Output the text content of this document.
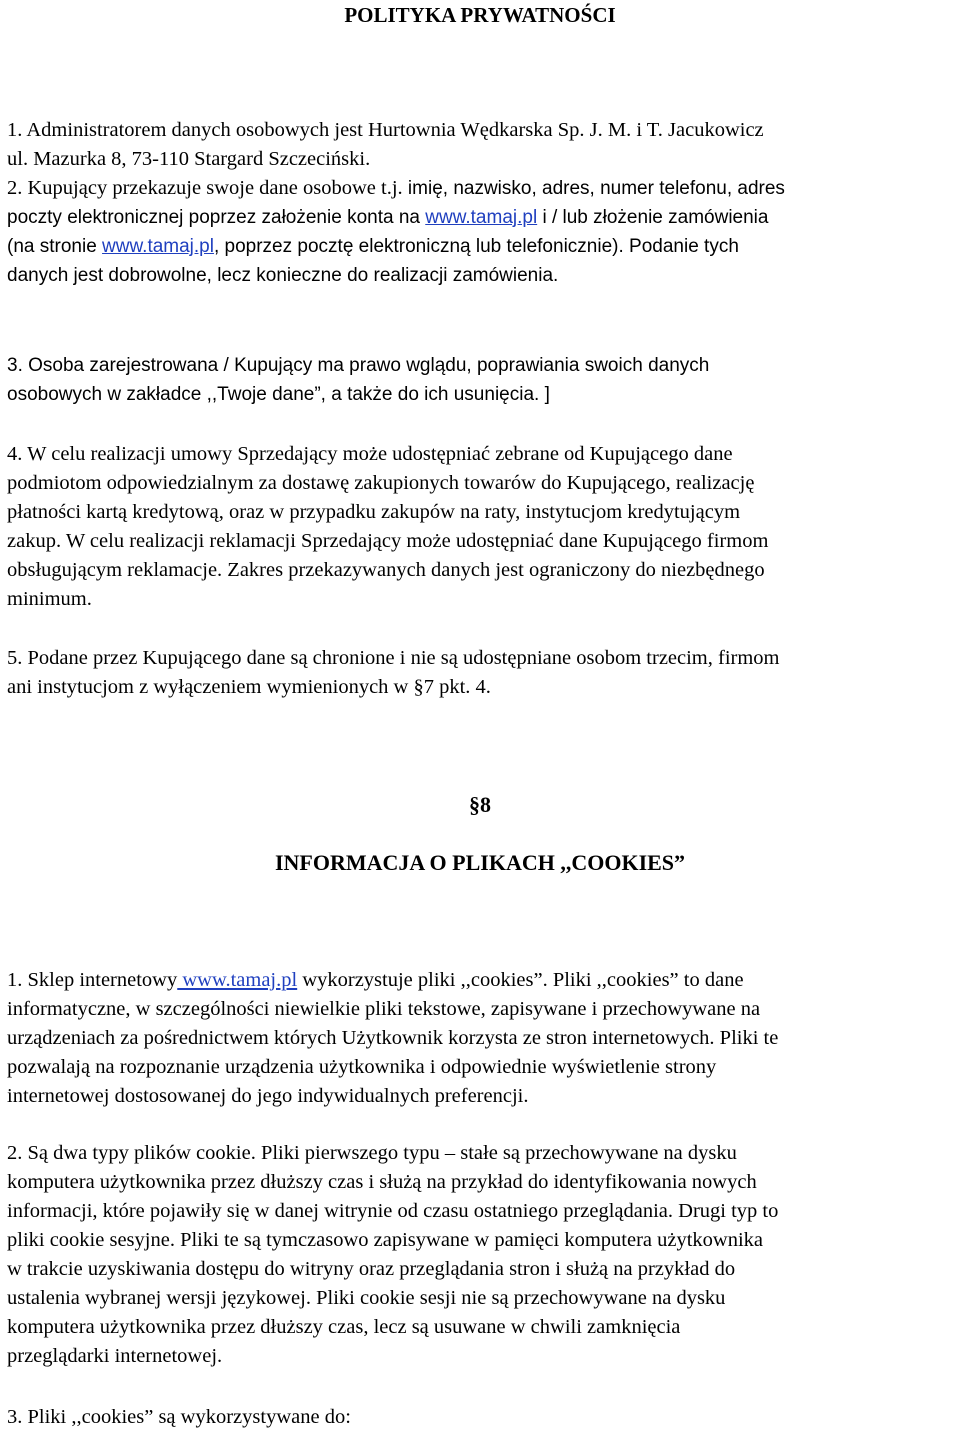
POLITYKA PRYWATNOŚCI
1. Administratorem danych osobowych jest Hurtownia Wędkarska Sp. J. M. i T. Jacukowicz
ul. Mazurka 8, 73-110 Stargard Szczeciński.
2. Kupujący przekazuje swoje dane osobowe t.j. imię, nazwisko, adres, numer telefonu, adres
poczty elektronicznej poprzez założenie konta na www.tamaj.pl i / lub złożenie zamówienia
(na stronie www.tamaj.pl, poprzez pocztę elektroniczną lub telefonicznie). Podanie tych
danych jest dobrowolne, lecz konieczne do realizacji zamówienia.
3. Osoba zarejestrowana / Kupujący ma prawo wglądu, poprawiania swoich danych
osobowych w zakładce ,,Twoje dane”, a także do ich usunięcia. ]
4. W celu realizacji umowy Sprzedający może udostępniać zebrane od Kupującego dane
podmiotom odpowiedzialnym za dostawę zakupionych towarów do Kupującego, realizację
płatności kartą kredytową, oraz w przypadku zakupów na raty, instytucjom kredytującym
zakup. W celu realizacji reklamacji Sprzedający może udostępniać dane Kupującego firmom
obsługującym reklamacje. Zakres przekazywanych danych jest ograniczony do niezbędnego
minimum.
5. Podane przez Kupującego dane są chronione i nie są udostępniane osobom trzecim, firmom
ani instytucjom z wyłączeniem wymienionych w §7 pkt. 4.
§8
INFORMACJA O PLIKACH ,,COOKIES”
1. Sklep internetowy www.tamaj.pl wykorzystuje pliki ,,cookies”. Pliki ,,cookies” to dane
informatyczne, w szczególności niewielkie pliki tekstowe, zapisywane i przechowywane na
urządzeniach za pośrednictwem których Użytkownik korzysta ze stron internetowych. Pliki te
pozwalają na rozpoznanie urządzenia użytkownika i odpowiednie wyświetlenie strony
internetowej dostosowanej do jego indywidualnych preferencji.
2. Są dwa typy plików cookie. Pliki pierwszego typu – stałe są przechowywane na dysku
komputera użytkownika przez dłuższy czas i służą na przykład do identyfikowania nowych
informacji, które pojawiły się w danej witrynie od czasu ostatniego przeglądania. Drugi typ to
pliki cookie sesyjne. Pliki te są tymczasowo zapisywane w pamięci komputera użytkownika
w trakcie uzyskiwania dostępu do witryny oraz przeglądania stron i służą na przykład do
ustalenia wybranej wersji językowej. Pliki cookie sesji nie są przechowywane na dysku
komputera użytkownika przez dłuższy czas, lecz są usuwane w chwili zamknięcia
przeglądarki internetowej.
3. Pliki ,,cookies” są wykorzystywane do:
